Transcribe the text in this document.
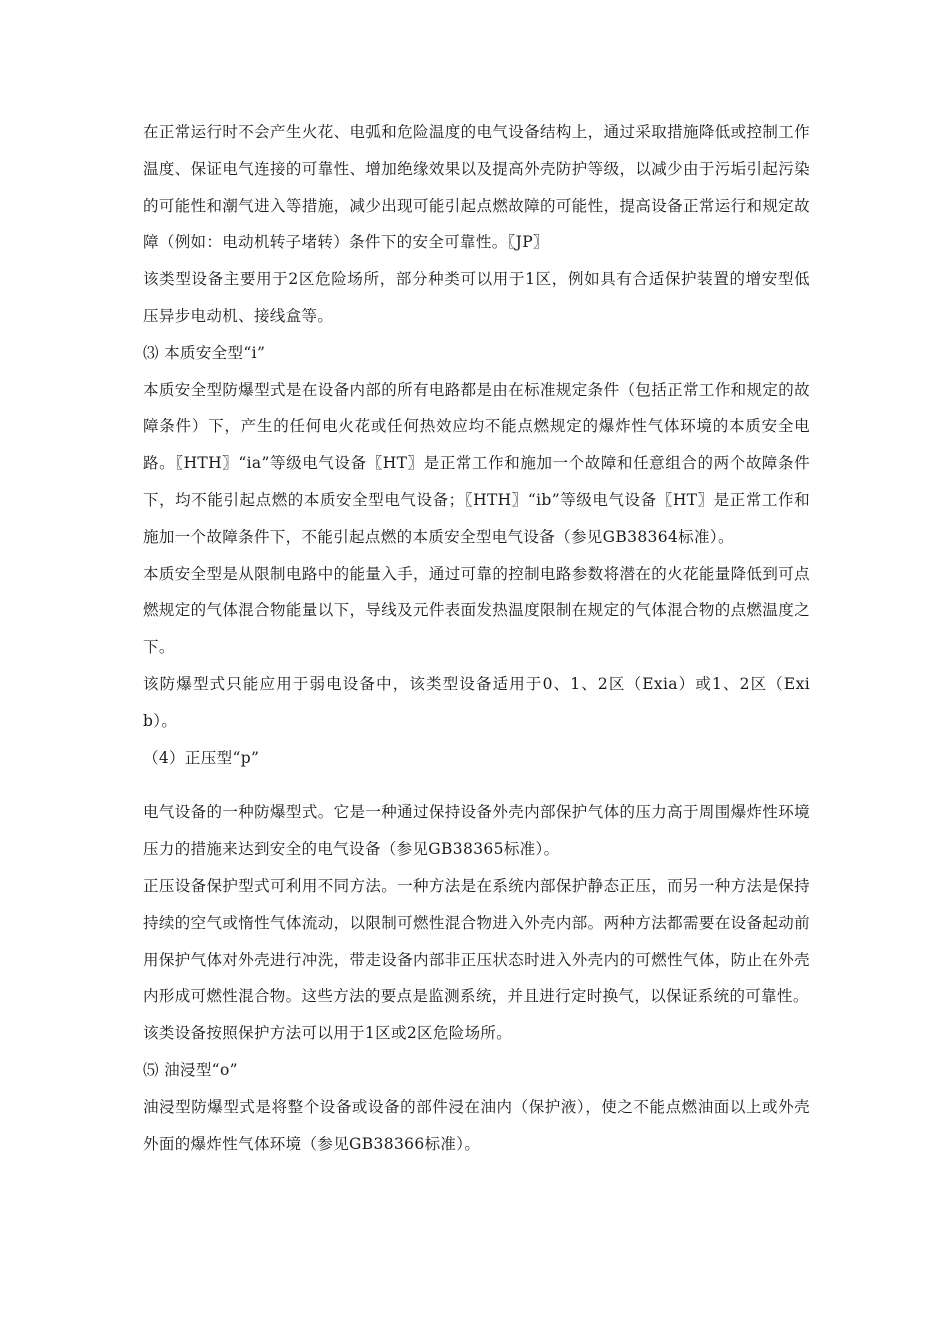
在正常运行时不会产生火花、电弧和危险温度的电气设备结构上，通过采取措施降低或控制工作温度、保证电气连接的可靠性、增加绝缘效果以及提高外壳防护等级，以减少由于污垢引起污染的可能性和潮气进入等措施，减少出现可能引起点燃故障的可能性，提高设备正常运行和规定故障（例如：电动机转子堵转）条件下的安全可靠性。〖JP〗

该类型设备主要用于2区危险场所，部分种类可以用于1区，例如具有合适保护装置的增安型低压异步电动机、接线盒等。

⑶ 本质安全型“i”

本质安全型防爆型式是在设备内部的所有电路都是由在标准规定条件（包括正常工作和规定的故障条件）下，产生的任何电火花或任何热效应均不能点燃规定的爆炸性气体环境的本质安全电路。〖HTH〗“ia”等级电气设备〖HT〗是正常工作和施加一个故障和任意组合的两个故障条件下，均不能引起点燃的本质安全型电气设备；〖HTH〗“ib”等级电气设备〖HT〗是正常工作和施加一个故障条件下，不能引起点燃的本质安全型电气设备（参见GB38364标准）。

本质安全型是从限制电路中的能量入手，通过可靠的控制电路参数将潜在的火花能量降低到可点燃规定的气体混合物能量以下，导线及元件表面发热温度限制在规定的气体混合物的点燃温度之下。

该防爆型式只能应用于弱电设备中，该类型设备适用于0、1、2区（Exia）或1、2区（Exib）。

（4）正压型“p”

电气设备的一种防爆型式。它是一种通过保持设备外壳内部保护气体的压力高于周围爆炸性环境压力的措施来达到安全的电气设备（参见GB38365标准）。

正压设备保护型式可利用不同方法。一种方法是在系统内部保护静态正压，而另一种方法是保持持续的空气或惰性气体流动，以限制可燃性混合物进入外壳内部。两种方法都需要在设备起动前用保护气体对外壳进行冲洗，带走设备内部非正压状态时进入外壳内的可燃性气体，防止在外壳内形成可燃性混合物。这些方法的要点是监测系统，并且进行定时换气，以保证系统的可靠性。

该类设备按照保护方法可以用于1区或2区危险场所。

⑸ 油浸型“o”

油浸型防爆型式是将整个设备或设备的部件浸在油内（保护液），使之不能点燃油面以上或外壳外面的爆炸性气体环境（参见GB38366标准）。
